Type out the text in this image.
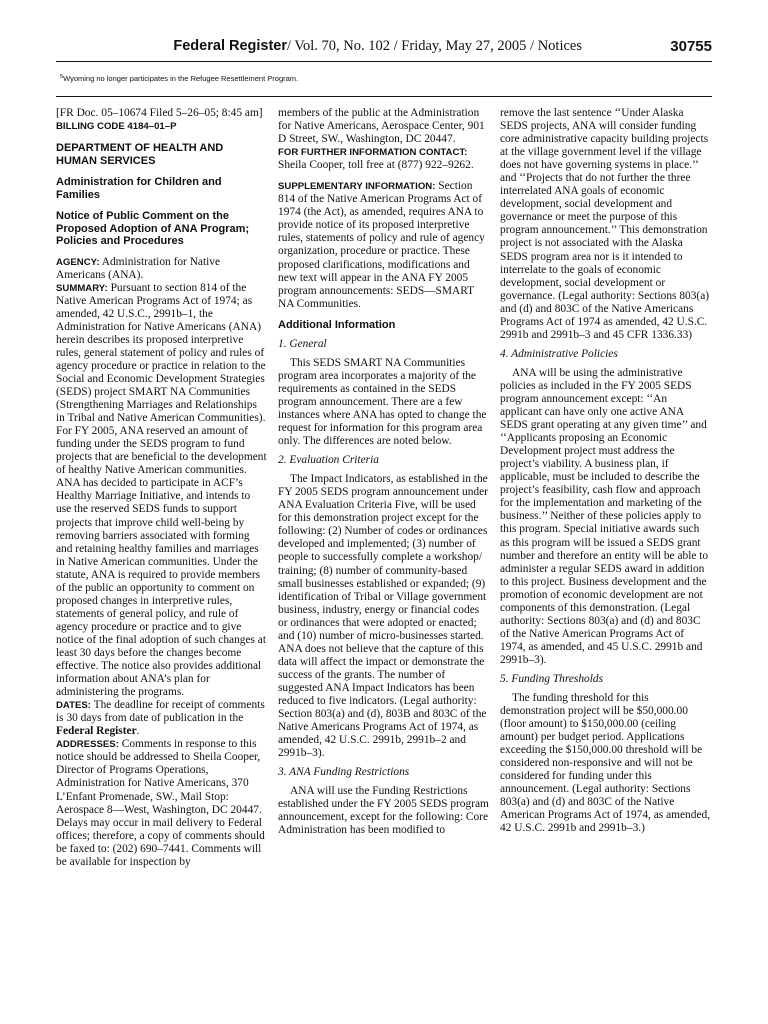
Federal Register/ Vol. 70, No. 102 / Friday, May 27, 2005 / Notices	30755
$^5$Wyoming no longer participates in the Refugee Resettlement Program.

[FR Doc. 05–10674 Filed 5–26–05; 8:45 am]

BILLING CODE 4184–01–P

DEPARTMENT OF HEALTH AND HUMAN SERVICES

Administration for Children and Families

Notice of Public Comment on the Proposed Adoption of ANA Program; Policies and Procedures

AGENCY: Administration for Native Americans (ANA).

SUMMARY: Pursuant to section 814 of the Native American Programs Act of 1974; as amended, 42 U.S.C., 2991b–1, the Administration for Native Americans (ANA) herein describes its proposed interpretive rules, general statement of policy and rules of agency procedure or practice in relation to the Social and Economic Development Strategies (SEDS) project SMART NA Communities (Strengthening Marriages and Relationships in Tribal and Native American Communities). For FY 2005, ANA reserved an amount of funding under the SEDS program to fund projects that are beneficial to the development of healthy Native American communities. ANA has decided to participate in ACF’s Healthy Marriage Initiative, and intends to use the reserved SEDS funds to support projects that improve child well-being by removing barriers associated with forming and retaining healthy families and marriages in Native American communities. Under the statute, ANA is required to provide members of the public an opportunity to comment on proposed changes in interpretive rules, statements of general policy, and rule of agency procedure or practice and to give notice of the final adoption of such changes at least 30 days before the changes become effective. The notice also provides additional information about ANA’s plan for administering the programs.

DATES: The deadline for receipt of comments is 30 days from date of publication in the Federal Register.

ADDRESSES: Comments in response to this notice should be addressed to Sheila Cooper, Director of Programs Operations, Administration for Native Americans, 370 L’Enfant Promenade, SW., Mail Stop: Aerospace 8—West, Washington, DC 20447. Delays may occur in mail delivery to Federal offices; therefore, a copy of comments should be faxed to: (202) 690–7441. Comments will be available for inspection by

members of the public at the Administration for Native Americans, Aerospace Center, 901 D Street, SW., Washington, DC 20447.

FOR FURTHER INFORMATION CONTACT:
Sheila Cooper, toll free at (877) 922–9262.

SUPPLEMENTARY INFORMATION: Section 814 of the Native American Programs Act of 1974 (the Act), as amended, requires ANA to provide notice of its proposed interpretive rules, statements of policy and rule of agency organization, procedure or practice. These proposed clarifications, modifications and new text will appear in the ANA FY 2005 program announcements: SEDS—SMART NA Communities.

Additional Information

1. General

This SEDS SMART NA Communities program area incorporates a majority of the requirements as contained in the SEDS program announcement. There are a few instances where ANA has opted to change the request for information for this program area only. The differences are noted below.

2. Evaluation Criteria

The Impact Indicators, as established in the FY 2005 SEDS program announcement under ANA Evaluation Criteria Five, will be used for this demonstration project except for the following: (2) Number of codes or ordinances developed and implemented; (3) number of people to successfully complete a workshop/ training; (8) number of community-based small businesses established or expanded; (9) identification of Tribal or Village government business, industry, energy or financial codes or ordinances that were adopted or enacted; and (10) number of micro-businesses started. ANA does not believe that the capture of this data will affect the impact or demonstrate the success of the grants. The number of suggested ANA Impact Indicators has been reduced to five indicators. (Legal authority: Section 803(a) and (d), 803B and 803C of the Native Americans Programs Act of 1974, as amended, 42 U.S.C. 2991b, 2991b–2 and 2991b–3).

3. ANA Funding Restrictions

ANA will use the Funding Restrictions established under the FY 2005 SEDS program announcement, except for the following: Core Administration has been modified to

remove the last sentence ‘‘Under Alaska SEDS projects, ANA will consider funding core administrative capacity building projects at the village government level if the village does not have governing systems in place.’’ and ‘‘Projects that do not further the three interrelated ANA goals of economic development, social development and governance or meet the purpose of this program announcement.’’ This demonstration project is not associated with the Alaska SEDS program area nor is it intended to interrelate to the goals of economic development, social development or governance. (Legal authority: Sections 803(a) and (d) and 803C of the Native Americans Programs Act of 1974 as amended, 42 U.S.C. 2991b and 2991b–3 and 45 CFR 1336.33)

4. Administrative Policies

ANA will be using the administrative policies as included in the FY 2005 SEDS program announcement except: ‘‘An applicant can have only one active ANA SEDS grant operating at any given time’’ and ‘‘Applicants proposing an Economic Development project must address the project’s viability. A business plan, if applicable, must be included to describe the project’s feasibility, cash flow and approach for the implementation and marketing of the business.’’ Neither of these policies apply to this program. Special initiative awards such as this program will be issued a SEDS grant number and therefore an entity will be able to administer a regular SEDS award in addition to this project. Business development and the promotion of economic development are not components of this demonstration. (Legal authority: Sections 803(a) and (d) and 803C of the Native American Programs Act of 1974, as amended, and 45 U.S.C. 2991b and 2991b–3).

5. Funding Thresholds

The funding threshold for this demonstration project will be $50,000.00 (floor amount) to $150,000.00 (ceiling amount) per budget period. Applications exceeding the $150,000.00 threshold will be considered non-responsive and will not be considered for funding under this announcement. (Legal authority: Sections 803(a) and (d) and 803C of the Native American Programs Act of 1974, as amended, 42 U.S.C. 2991b and 2991b–3.)
